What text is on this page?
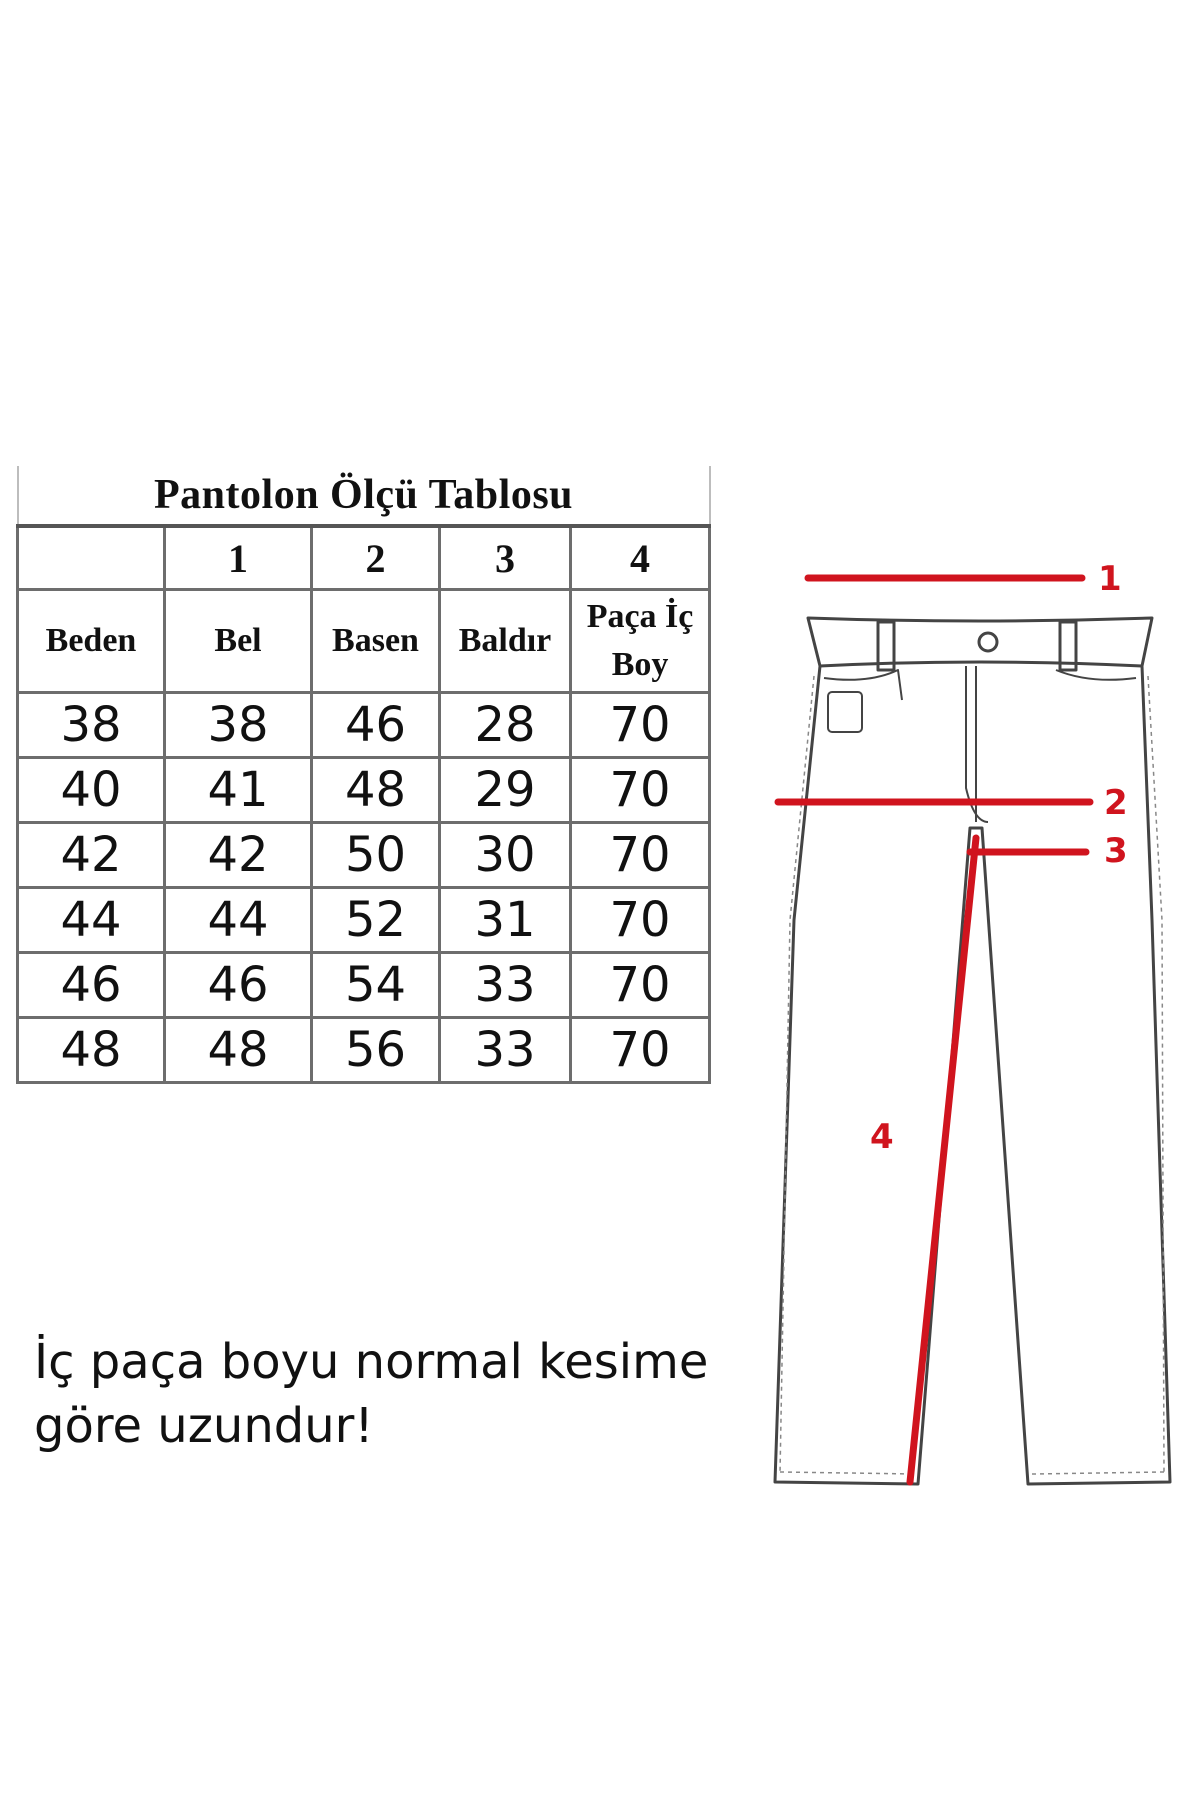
Pantolon Ölçü Tablosu				
	1	2	3	4
Beden	Bel	Basen	Baldır	Paça İç Boy
38	38	46	28	70
40	41	48	29	70
42	42	50	30	70
44	44	52	31	70
46	46	54	33	70
48	48	56	33	70
İç paça boyu normal kesime
göre uzundur!
1
2
3
4
